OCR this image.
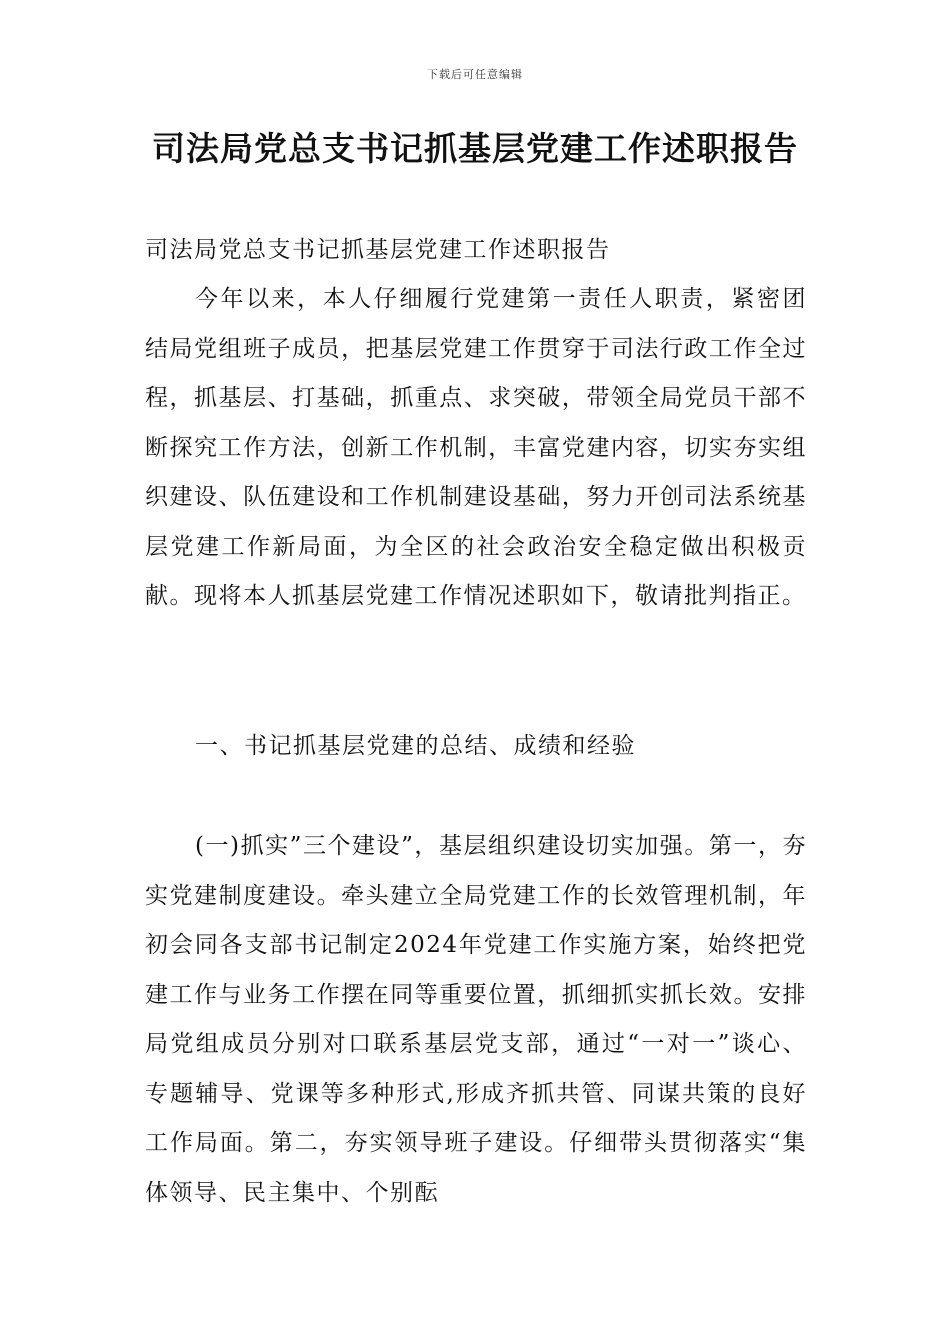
下载后可任意编辑
司法局党总支书记抓基层党建工作述职报告
司法局党总支书记抓基层党建工作述职报告
今年以来，本人仔细履行党建第一责任人职责，紧密团结局党组班子成员，把基层党建工作贯穿于司法行政工作全过程，抓基层、打基础，抓重点、求突破，带领全局党员干部不断探究工作方法，创新工作机制，丰富党建内容，切实夯实组织建设、队伍建设和工作机制建设基础，努力开创司法系统基层党建工作新局面，为全区的社会政治安全稳定做出积极贡献。现将本人抓基层党建工作情况述职如下，敬请批判指正。
一、书记抓基层党建的总结、成绩和经验
(一)抓实”三个建设”，基层组织建设切实加强。第一，夯实党建制度建设。牵头建立全局党建工作的长效管理机制，年初会同各支部书记制定2024年党建工作实施方案，始终把党建工作与业务工作摆在同等重要位置，抓细抓实抓长效。安排局党组成员分别对口联系基层党支部，通过“一对一”谈心、专题辅导、党课等多种形式,形成齐抓共管、同谋共策的良好工作局面。第二，夯实领导班子建设。仔细带头贯彻落实“集体领导、民主集中、个别酝
